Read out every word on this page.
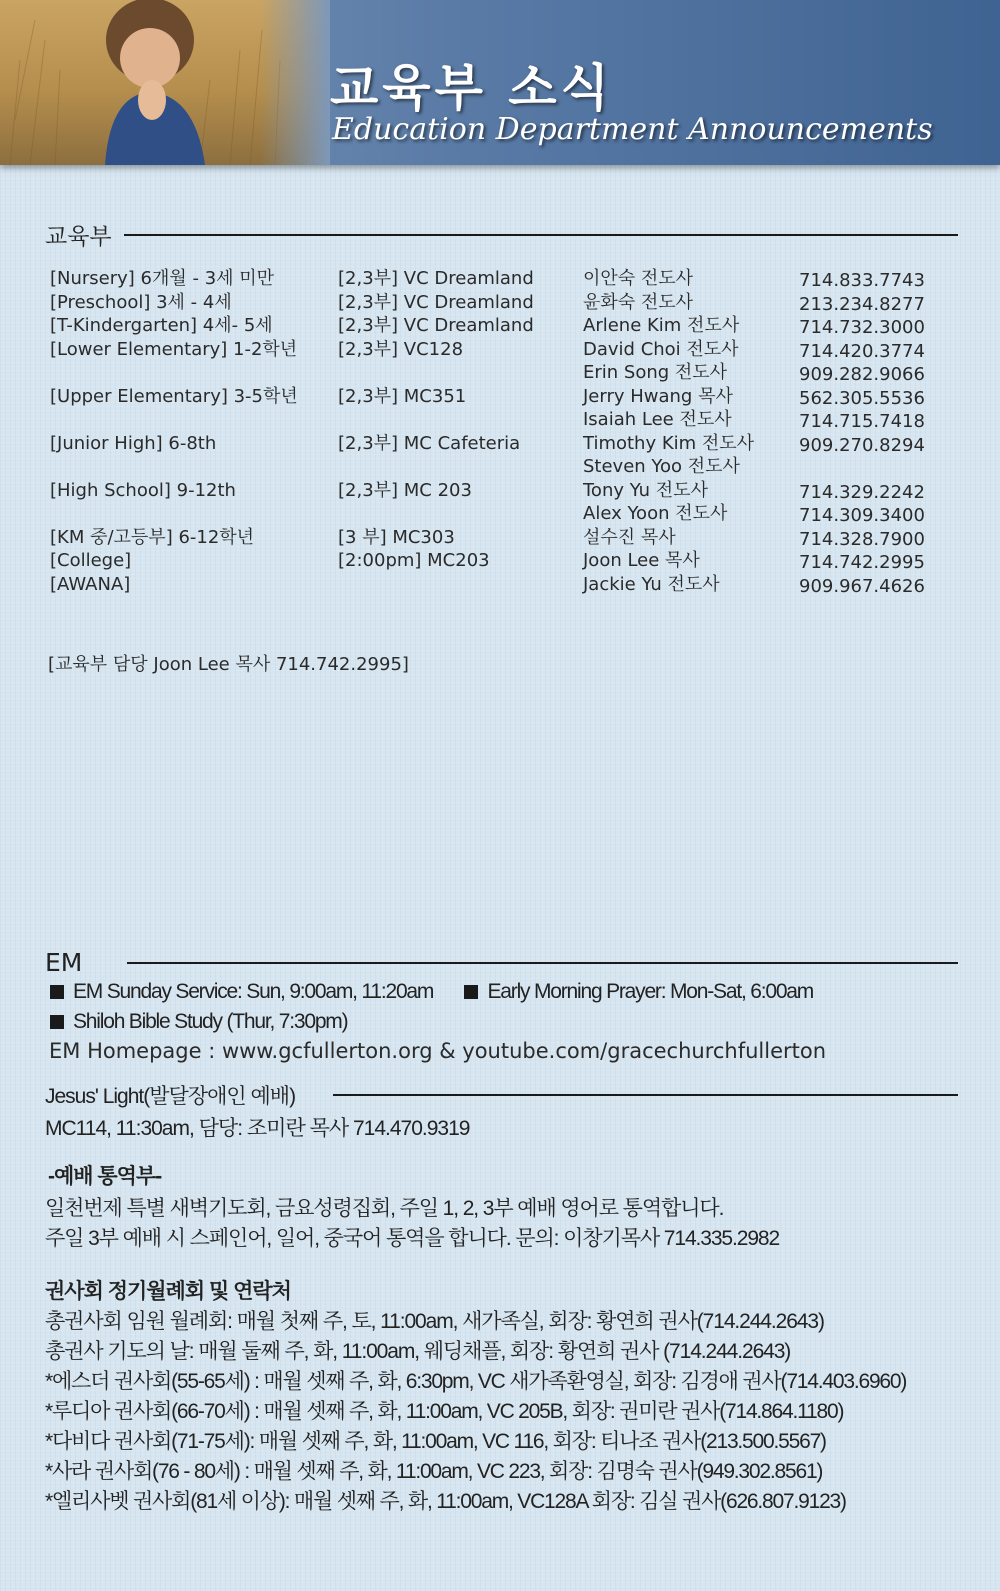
교육부 소식
Education Department Announcements
교육부
[Nursery] 6개월 - 3세 미만
[Preschool] 3세 - 4세
[T-Kindergarten] 4세- 5세
[Lower Elementary] 1-2학년
[Upper Elementary] 3-5학년
[Junior High] 6-8th
[High School] 9-12th
[KM 중/고등부] 6-12학년
[College]
[AWANA]
[2,3부] VC Dreamland
[2,3부] VC Dreamland
[2,3부] VC Dreamland
[2,3부] VC128
[2,3부] MC351
[2,3부] MC Cafeteria
[2,3부] MC 203
[3 부] MC303
[2:00pm] MC203
이안숙 전도사
윤화숙 전도사
Arlene Kim 전도사
David Choi 전도사
Erin Song 전도사
Jerry Hwang 목사
Isaiah Lee 전도사
Timothy Kim 전도사
Steven Yoo 전도사
Tony Yu 전도사
Alex Yoon 전도사
설수진 목사
Joon Lee 목사
Jackie Yu 전도사
714.833.7743
213.234.8277
714.732.3000
714.420.3774
909.282.9066
562.305.5536
714.715.7418
909.270.8294
714.329.2242
714.309.3400
714.328.7900
714.742.2995
909.967.4626
[교육부 담당 Joon Lee 목사 714.742.2995]
EM
EM Sunday Service: Sun, 9:00am, 11:20am	Early Morning Prayer: Mon-Sat, 6:00am
Shiloh Bible Study (Thur, 7:30pm)
EM Homepage : www.gcfullerton.org & youtube.com/gracechurchfullerton
Jesus' Light(발달장애인 예배)
MC114, 11:30am, 담당: 조미란 목사 714.470.9319
-예배 통역부-
일천번제 특별 새벽기도회, 금요성령집회, 주일 1, 2, 3부 예배 영어로 통역합니다.
주일 3부 예배 시 스페인어, 일어, 중국어 통역을 합니다. 문의: 이창기목사 714.335.2982
권사회 정기월례회 및 연락처
총권사회 임원 월례회: 매월 첫째 주, 토, 11:00am, 새가족실, 회장: 황연희 권사(714.244.2643)
총권사 기도의 날: 매월 둘째 주, 화, 11:00am, 웨딩채플, 회장: 황연희 권사 (714.244.2643)
*에스더 권사회(55-65세) : 매월 셋째 주, 화, 6:30pm, VC 새가족환영실, 회장: 김경애 권사(714.403.6960)
*루디아 권사회(66-70세) : 매월 셋째 주, 화, 11:00am, VC 205B, 회장: 권미란 권사(714.864.1180)
*다비다 권사회(71-75세): 매월 셋째 주, 화, 11:00am, VC 116, 회장: 티나조 권사(213.500.5567)
*사라 권사회(76 - 80세) : 매월 셋째 주, 화, 11:00am, VC 223, 회장: 김명숙 권사(949.302.8561)
*엘리사벳 권사회(81세 이상): 매월 셋째 주, 화, 11:00am, VC128A 회장: 김실 권사(626.807.9123)
